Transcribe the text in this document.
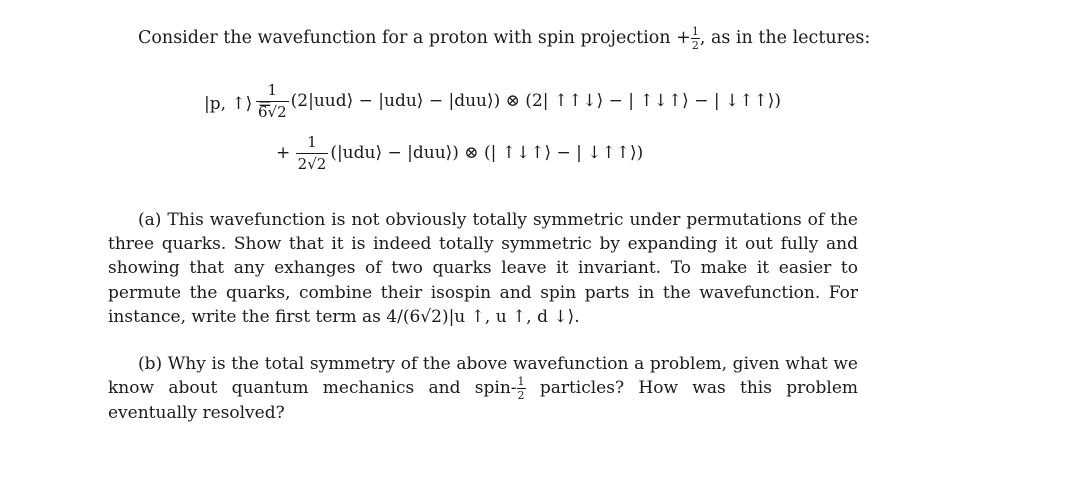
Consider the wavefunction for a proton with spin projection + $\frac{1}{2}$ , as in the lectures:
|p, ↑⟩ =
$\frac{1}{6√2}$ (2|uud⟩ − |udu⟩ − |duu⟩) ⊗ (2| ↑↑↓⟩ − | ↑↓↑⟩ − | ↓↑↑⟩)
+ $\frac{1}{2√2}$ (|udu⟩ − |duu⟩) ⊗ (| ↑↓↑⟩ − | ↓↑↑⟩)
(a) This wavefunction is not obviously totally symmetric under permutations of the three quarks. Show that it is indeed totally symmetric by expanding it out fully and showing that any exhanges of two quarks leave it invariant. To make it easier to permute the quarks, combine their isospin and spin parts in the wavefunction. For instance, write the first term as 4/(6√2)|u ↑, u ↑, d ↓⟩.
(b) Why is the total symmetry of the above wavefunction a problem, given what we know about quantum mechanics and spin- $\frac{1}{2}$ particles? How was this problem eventually resolved?
